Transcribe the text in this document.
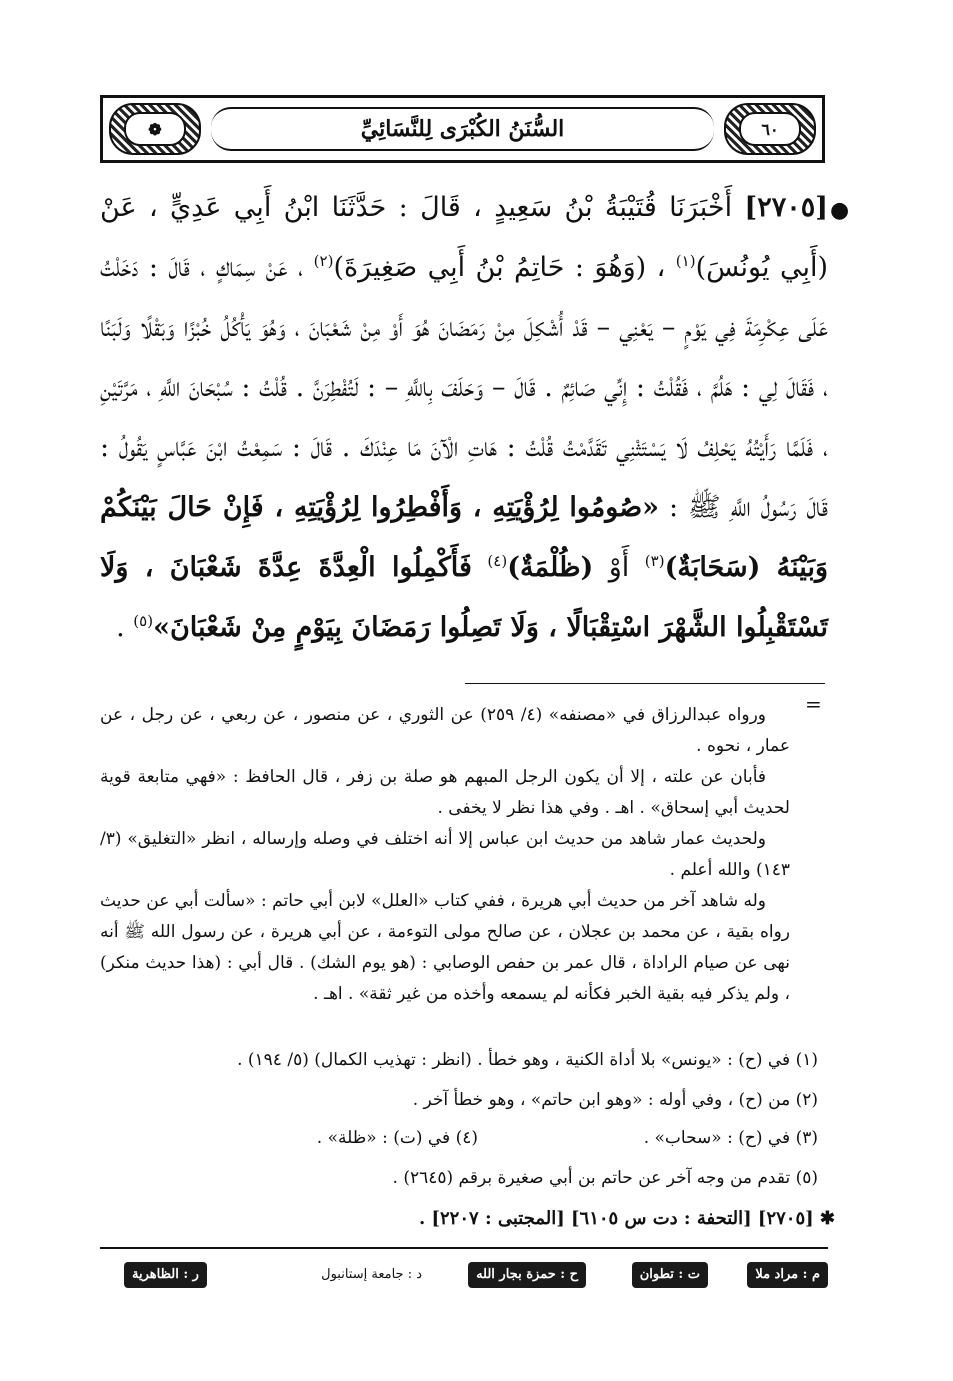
❁	السُّنَنُ الكُبْرَى لِلنَّسَائِيِّ	٦٠
●
[٢٧٠٥] أَخْبَرَنَا قُتَيْبَةُ بْنُ سَعِيدٍ ، قَالَ : حَدَّثَنَا ابْنُ أَبِي عَدِيٍّ ، عَنْ (أَبِي يُونُسَ)$^{(١)}$ ، (وَهُوَ : حَاتِمُ بْنُ أَبِي صَغِيرَةَ)$^{(٢)}$ ، عَنْ سِمَاكٍ ، قَالَ : دَخَلْتُ عَلَى عِكْرِمَةَ فِي يَوْمٍ – يَعْنِي – قَدْ أُشْكِلَ مِنْ رَمَضَانَ هُوَ أَوْ مِنْ شَعْبَانَ ، وَهُوَ يَأْكُلُ خُبْزًا وَبَقْلًا وَلَبَنًا ، فَقَالَ لِي : هَلُمَّ ، فَقُلْتُ : إِنِّي صَائِمٌ . قَالَ – وَحَلَفَ بِاللَّهِ – : لَتُفْطِرَنَّ . قُلْتُ : سُبْحَانَ اللَّهِ ، مَرَّتَيْنِ ، فَلَمَّا رَأَيْتُهُ يَحْلِفُ لَا يَسْتَثْنِي تَقَدَّمْتُ قُلْتُ : هَاتِ الْآنَ مَا عِنْدَكَ . قَالَ : سَمِعْتُ ابْنَ عَبَّاسٍ يَقُولُ : قَالَ رَسُولُ اللَّهِ ﷺ : «صُومُوا لِرُؤْيَتِهِ ، وَأَفْطِرُوا لِرُؤْيَتِهِ ، فَإِنْ حَالَ بَيْنَكُمْ وَبَيْنَهُ (سَحَابَةٌ)$^{(٣)}$ أَوْ (ظُلْمَةٌ)$^{(٤)}$ فَأَكْمِلُوا الْعِدَّةَ عِدَّةَ شَعْبَانَ ، وَلَا تَسْتَقْبِلُوا الشَّهْرَ اسْتِقْبَالًا ، وَلَا تَصِلُوا رَمَضَانَ بِيَوْمٍ مِنْ شَعْبَانَ»$^{(٥)}$ .
=

ورواه عبدالرزاق في «مصنفه» (٤/ ٢٥٩) عن الثوري ، عن منصور ، عن ربعي ، عن رجل ، عن عمار ، نحوه .

فأبان عن علته ، إلا أن يكون الرجل المبهم هو صلة بن زفر ، قال الحافظ : «فهي متابعة قوية لحديث أبي إسحاق» . اهـ . وفي هذا نظر لا يخفى .

ولحديث عمار شاهد من حديث ابن عباس إلا أنه اختلف في وصله وإرساله ، انظر «التغليق» (٣/ ١٤٣) والله أعلم .

وله شاهد آخر من حديث أبي هريرة ، ففي كتاب «العلل» لابن أبي حاتم : «سألت أبي عن حديث رواه بقية ، عن محمد بن عجلان ، عن صالح مولى التوءمة ، عن أبي هريرة ، عن رسول الله ﷺ أنه نهى عن صيام الراداة ، قال عمر بن حفص الوصابي : (هو يوم الشك) . قال أبي : (هذا حديث منكر) ، ولم يذكر فيه بقية الخبر فكأنه لم يسمعه وأخذه من غير ثقة» . اهـ .

(١) في (ح) : «يونس» بلا أداة الكنية ، وهو خطأ . (انظر : تهذيب الكمال) (٥/ ١٩٤) .
(٢) من (ح) ، وفي أوله : «وهو ابن حاتم» ، وهو خطأ آخر .
(٣) في (ح) : «سحاب» .
(٤) في (ت) : «ظلة» .
(٥) تقدم من وجه آخر عن حاتم بن أبي صغيرة برقم (٢٦٤٥) .
✱ [٢٧٠٥] [التحفة : دت س ٦١٠٥] [المجتبى : ٢٢٠٧] .
م : مراد ملا
ت : تطوان
ح : حمزة بجار الله
د : جامعة إستانبول
ر : الظاهرية
